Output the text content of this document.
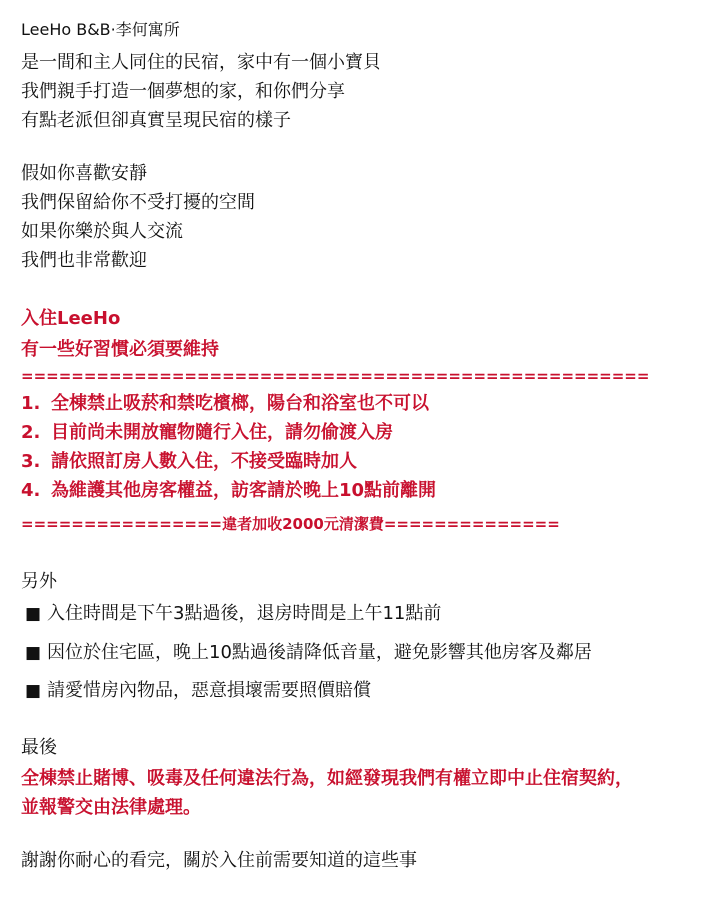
LeeHo B&B·李何寓所
是一間和主人同住的民宿，家中有一個小寶貝
我們親手打造一個夢想的家，和你們分享
有點老派但卻真實呈現民宿的樣子
假如你喜歡安靜
我們保留給你不受打擾的空間
如果你樂於與人交流
我們也非常歡迎
入住LeeHo
有一些好習慣必須要維持
==================================================
1. 全棟禁止吸菸和禁吃檳榔，陽台和浴室也不可以
2. 目前尚未開放寵物隨行入住，請勿偷渡入房
3. 請依照訂房人數入住，不接受臨時加人
4. 為維護其他房客權益，訪客請於晚上10點前離開
================違者加收2000元清潔費==============
另外
■ 入住時間是下午3點過後，退房時間是上午11點前
■ 因位於住宅區，晚上10點過後請降低音量，避免影響其他房客及鄰居
■ 請愛惜房內物品，惡意損壞需要照價賠償
最後
全棟禁止賭博、吸毒及任何違法行為，如經發現我們有權立即中止住宿契約，
並報警交由法律處理。
謝謝你耐心的看完，關於入住前需要知道的這些事
